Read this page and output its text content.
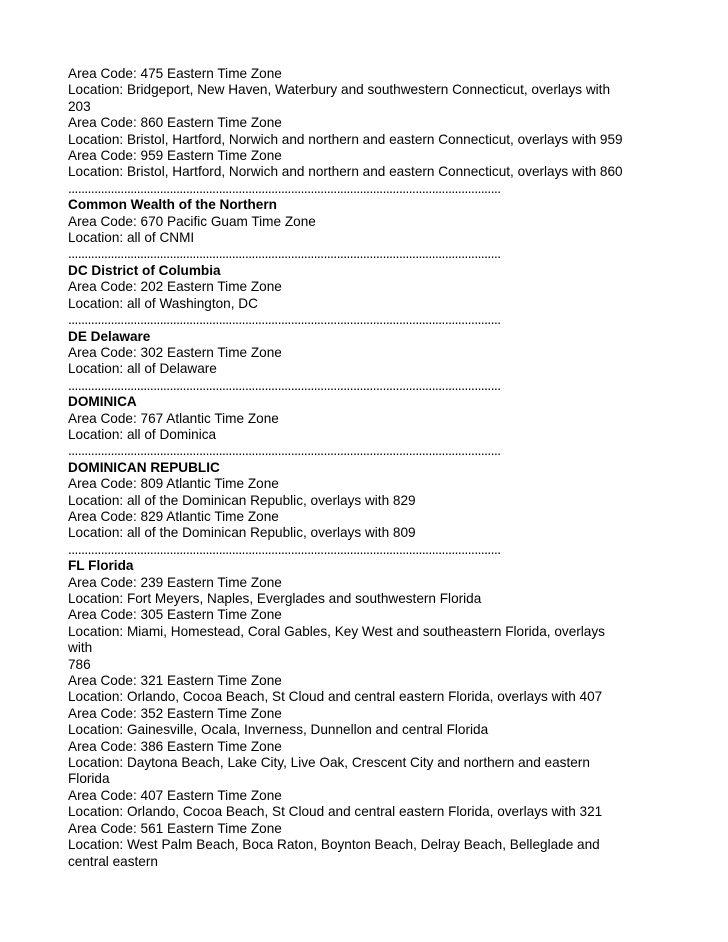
Area Code: 475 Eastern Time Zone
Location: Bridgeport, New Haven, Waterbury and southwestern Connecticut, overlays with
203
Area Code: 860 Eastern Time Zone
Location: Bristol, Hartford, Norwich and northern and eastern Connecticut, overlays with 959
Area Code: 959 Eastern Time Zone
Location: Bristol, Hartford, Norwich and northern and eastern Connecticut, overlays with 860
....................................................................................................................................
Common Wealth of the Northern
Area Code: 670 Pacific Guam Time Zone
Location: all of CNMI
....................................................................................................................................
DC District of Columbia
Area Code: 202 Eastern Time Zone
Location: all of Washington, DC
....................................................................................................................................
DE Delaware
Area Code: 302 Eastern Time Zone
Location: all of Delaware
....................................................................................................................................
DOMINICA
Area Code: 767 Atlantic Time Zone
Location: all of Dominica
....................................................................................................................................
DOMINICAN REPUBLIC
Area Code: 809 Atlantic Time Zone
Location: all of the Dominican Republic, overlays with 829
Area Code: 829 Atlantic Time Zone
Location: all of the Dominican Republic, overlays with 809
....................................................................................................................................
FL Florida
Area Code: 239 Eastern Time Zone
Location: Fort Meyers, Naples, Everglades and southwestern Florida
Area Code: 305 Eastern Time Zone
Location: Miami, Homestead, Coral Gables, Key West and southeastern Florida, overlays
with
786
Area Code: 321 Eastern Time Zone
Location: Orlando, Cocoa Beach, St Cloud and central eastern Florida, overlays with 407
Area Code: 352 Eastern Time Zone
Location: Gainesville, Ocala, Inverness, Dunnellon and central Florida
Area Code: 386 Eastern Time Zone
Location: Daytona Beach, Lake City, Live Oak, Crescent City and northern and eastern
Florida
Area Code: 407 Eastern Time Zone
Location: Orlando, Cocoa Beach, St Cloud and central eastern Florida, overlays with 321
Area Code: 561 Eastern Time Zone
Location: West Palm Beach, Boca Raton, Boynton Beach, Delray Beach, Belleglade and
central eastern
